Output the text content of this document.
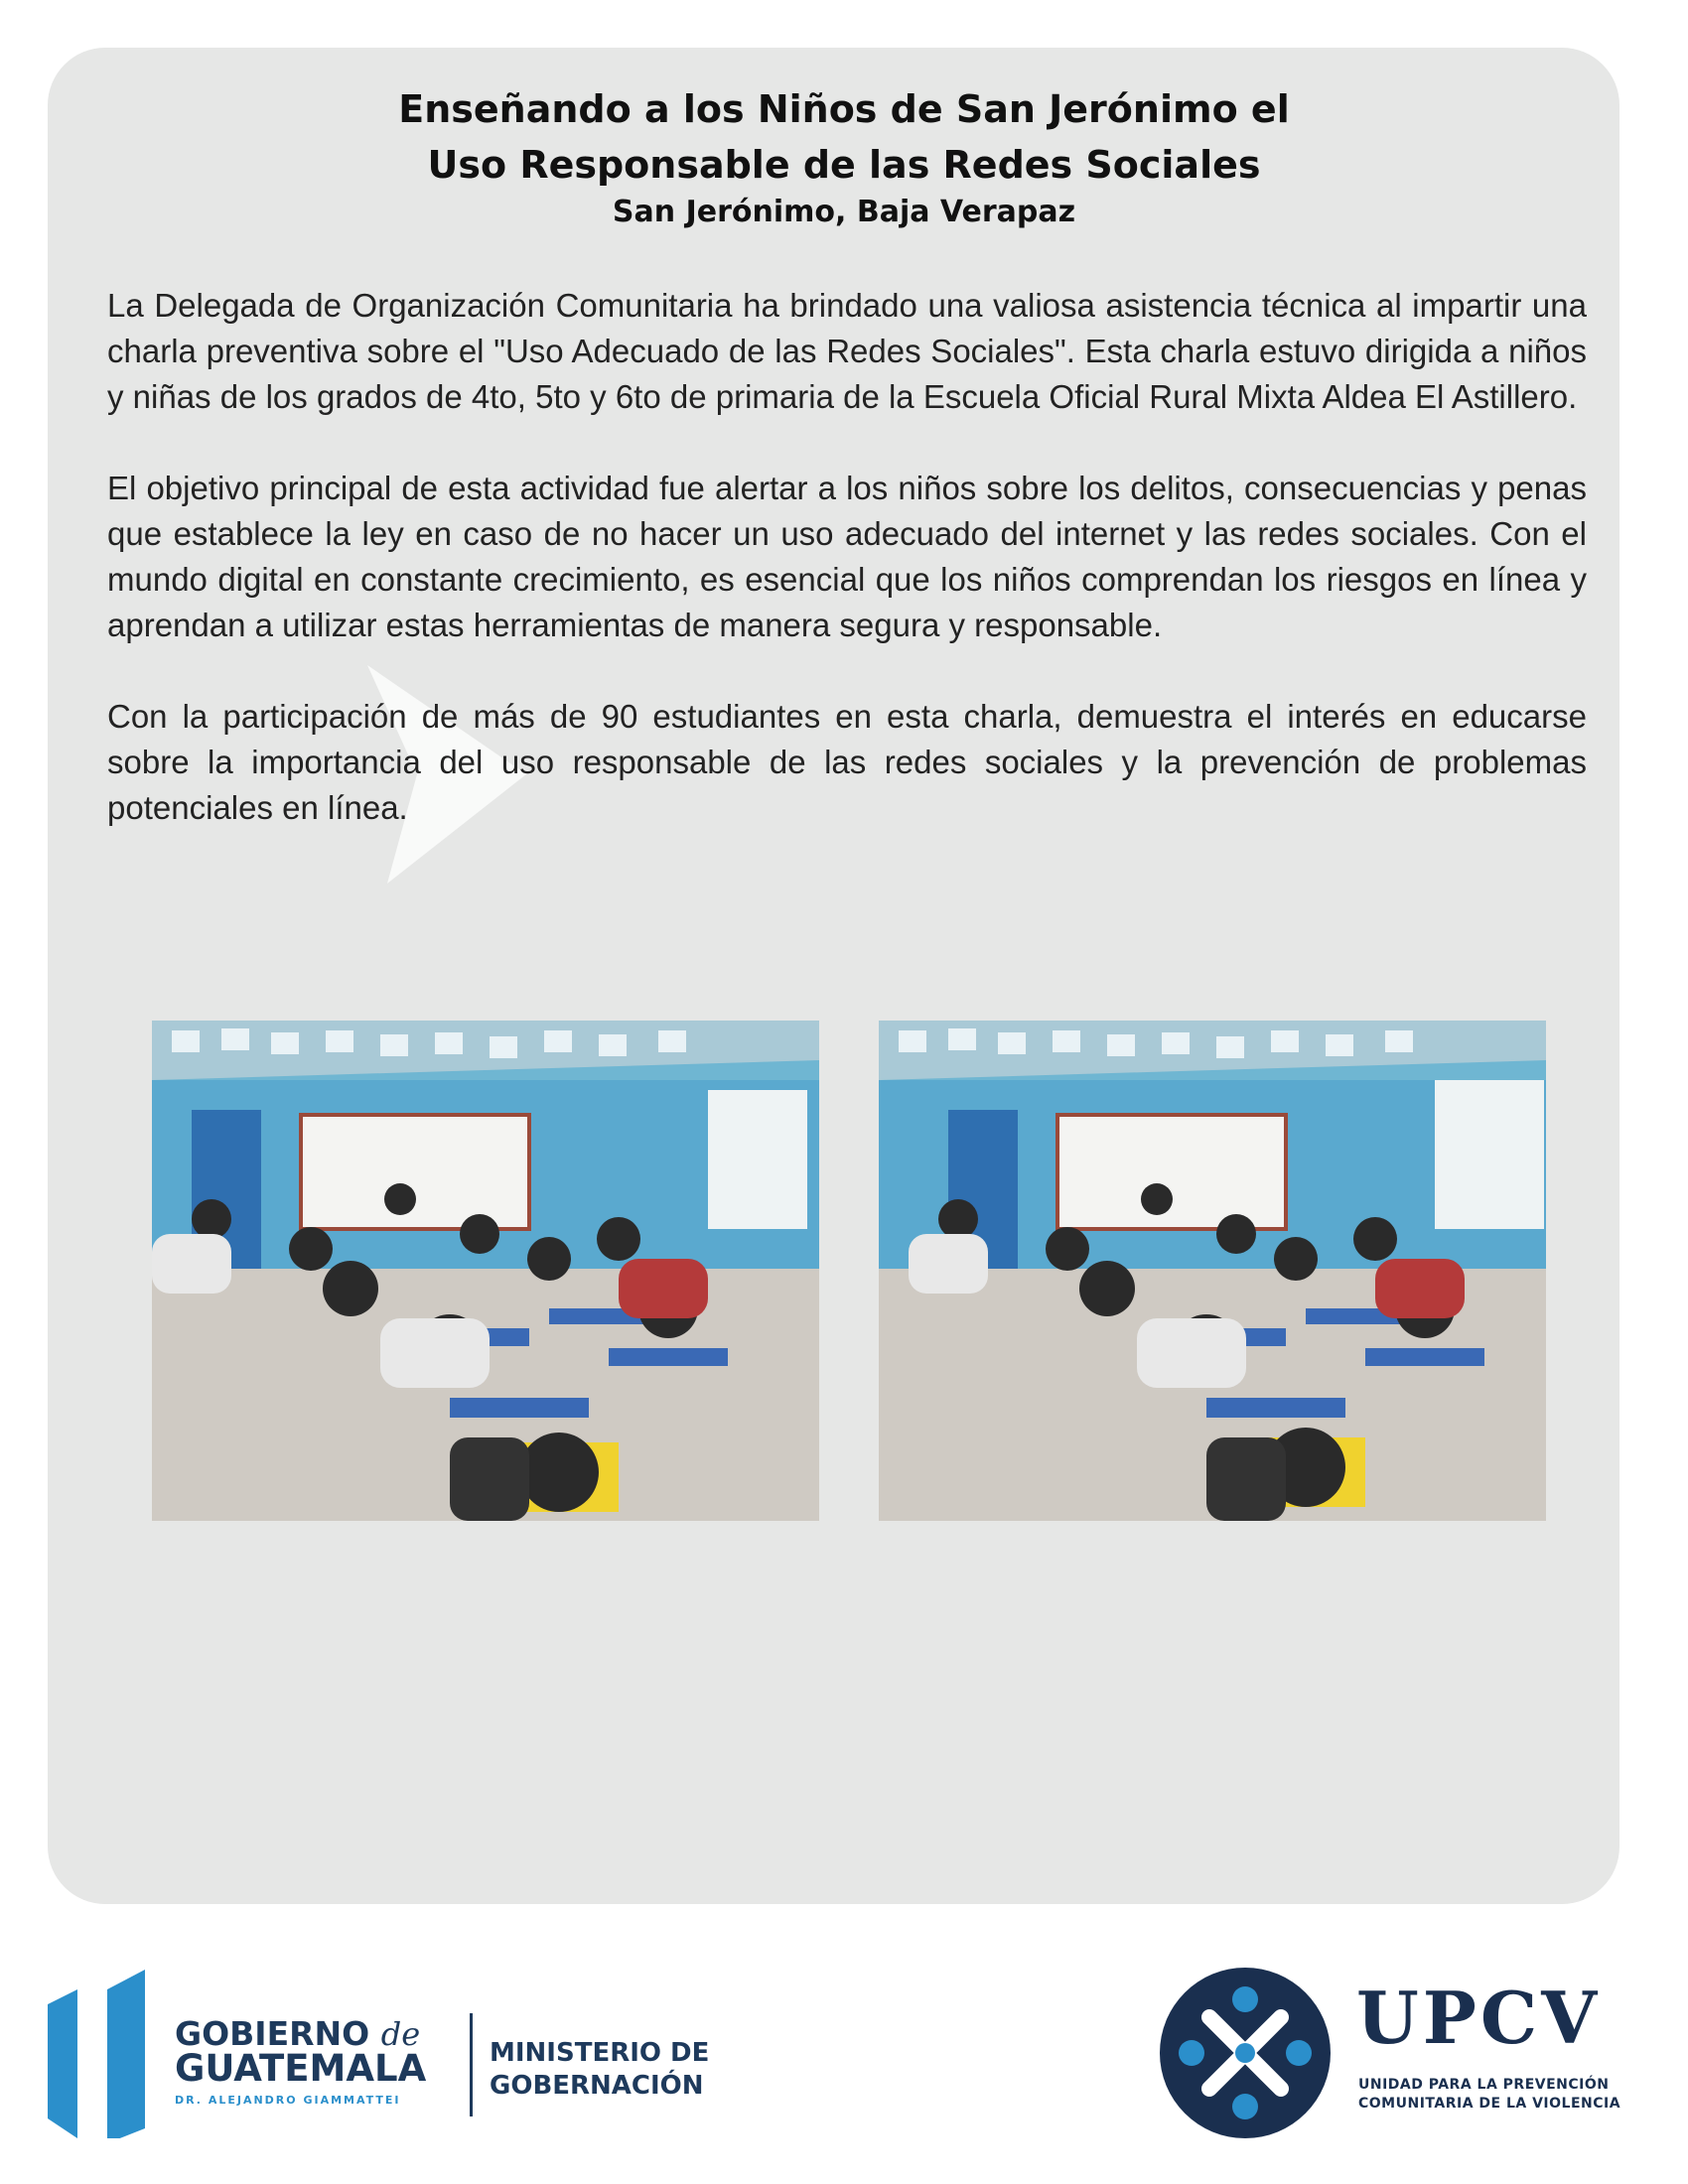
Enseñando a los Niños de San Jerónimo el
Uso Responsable de las Redes Sociales
San Jerónimo, Baja Verapaz

La Delegada de Organización Comunitaria ha brindado una valiosa asistencia técnica al impartir una charla preventiva sobre el "Uso Adecuado de las Redes Sociales". Esta charla estuvo dirigida a niños y niñas de los grados de 4to, 5to y 6to de primaria de la Escuela Oficial Rural Mixta Aldea El Astillero.

El objetivo principal de esta actividad fue alertar a los niños sobre los delitos, consecuencias y penas que establece la ley en caso de no hacer un uso adecuado del internet y las redes sociales. Con el mundo digital en constante crecimiento, es esencial que los niños comprendan los riesgos en línea y aprendan a utilizar estas herramientas de manera segura y responsable.

Con la participación de más de 90 estudiantes en esta charla, demuestra el interés en educarse sobre la importancia del uso responsable de las redes sociales y la prevención de problemas potenciales en línea.

GOBIERNO de
GUATEMALA
DR. ALEJANDRO GIAMMATTEI
MINISTERIO DE
GOBERNACIÓN
UPCV
UNIDAD PARA LA PREVENCIÓN
COMUNITARIA DE LA VIOLENCIA
